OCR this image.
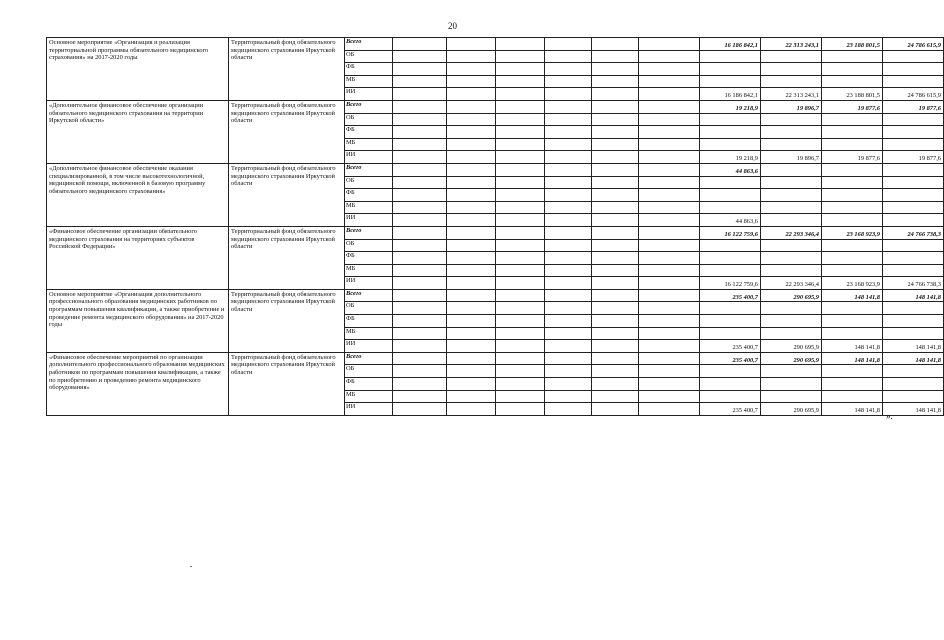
20
Основное мероприятие «Организация и реализация территориальной программы обязательного медицинского страхования» на 2017-2020 годы	Территориальный фонд обязательного медицинского страхования Иркутской области	Всего							16 186 842,1	22 313 243,1	23 188 801,5	24 786 615,9
		ОБ										
		ФБ										
		МБ										
		ИИ							16 186 842,1	22 313 243,1	23 188 801,5	24 786 615,9
«Дополнительное финансовое обеспечение организации обязательного медицинского страхования на территории Иркутской области»	Территориальный фонд обязательного медицинского страхования Иркутской области	Всего							19 218,9	19 896,7	19 877,6	19 877,6
		ОБ										
		ФБ										
		МБ										
		ИИ							19 218,9	19 896,7	19 877,6	19 877,6
«Дополнительное финансовое обеспечение оказания специализированной, в том числе высокотехнологичной, медицинской помощи, включенной в базовую программу обязательного медицинского страхования»	Территориальный фонд обязательного медицинского страхования Иркутской области	Всего							44 863,6			
		ОБ										
		ФБ										
		МБ										
		ИИ							44 863,6			
«Финансовое обеспечение организации обязательного медицинского страхования на территориях субъектов Российской Федерации»	Территориальный фонд обязательного медицинского страхования Иркутской области	Всего							16 122 759,6	22 293 346,4	23 168 923,9	24 766 738,3
		ОБ										
		ФБ										
		МБ										
		ИИ							16 122 759,6	22 293 346,4	23 168 923,9	24 766 738,3
Основное мероприятие «Организация дополнительного профессионального образования медицинских работников по программам повышения квалификации, а также приобретение и проведение ремонта медицинского оборудования» на 2017-2020 годы	Территориальный фонд обязательного медицинского страхования Иркутской области	Всего							235 400,7	290 695,9	148 141,8	148 141,8
		ОБ										
		ФБ										
		МБ										
		ИИ							235 400,7	290 695,9	148 141,8	148 141,8
«Финансовое обеспечение мероприятий по организации дополнительного профессионального образования медицинских работников по программам повышения квалификации, а также по приобретению и проведению ремонта медицинского оборудования»	Территориальный фонд обязательного медицинского страхования Иркутской области	Всего							235 400,7	290 695,9	148 141,8	148 141,8
		ОБ										
		ФБ										
		МБ										
		ИИ							235 400,7	290 695,9	148 141,8	148 141,8
».
